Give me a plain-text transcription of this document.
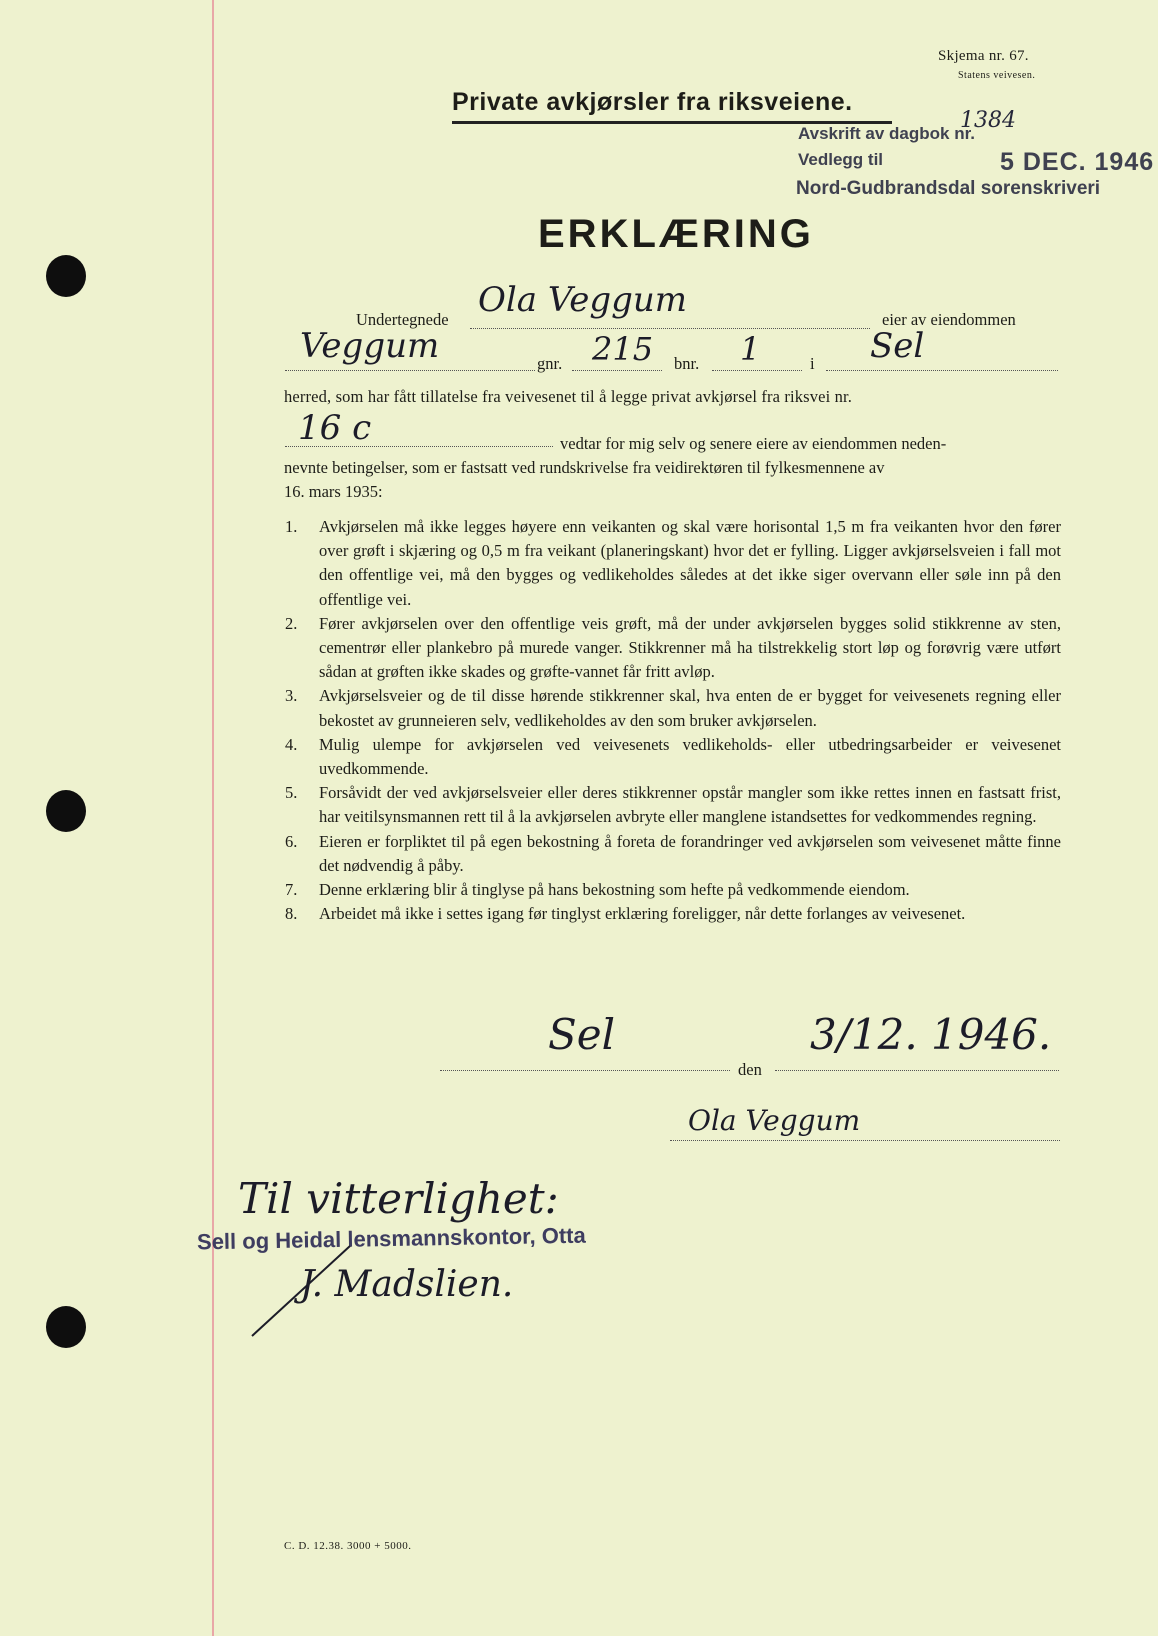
Skjema nr. 67.
Statens veivesen.
Private avkjørsler fra riksveiene.
Avskrift av dagbok nr.
1384
Vedlegg til	5 DEC. 1946
Nord-Gudbrandsdal sorenskriveri
ERKLÆRING
Undertegnede Ola Veggum	eier av eiendommen
Veggum	gnr. 215 bnr. 1	i Sel
herred, som har fått tillatelse fra veivesenet til å legge privat avkjørsel fra riksvei nr.
16 c	vedtar for mig selv og senere eiere av eiendommen neden-
nevnte betingelser, som er fastsatt ved rundskrivelse fra veidirektøren til fylkesmennene av
16. mars 1935:
1.	Avkjørselen må ikke legges høyere enn veikanten og skal være horisontal 1,5 m fra veikanten hvor den fører over grøft i skjæring og 0,5 m fra veikant (planeringskant) hvor det er fylling. Ligger avkjørselsveien i fall mot den offentlige vei, må den bygges og vedlikeholdes således at det ikke siger overvann eller søle inn på den offentlige vei.
2.	Fører avkjørselen over den offentlige veis grøft, må der under avkjørselen bygges solid stikkrenne av sten, cementrør eller plankebro på murede vanger. Stikkrenner må ha tilstrekkelig stort løp og forøvrig være utført sådan at grøften ikke skades og grøfte-vannet får fritt avløp.
3.	Avkjørselsveier og de til disse hørende stikkrenner skal, hva enten de er bygget for veivesenets regning eller bekostet av grunneieren selv, vedlikeholdes av den som bruker avkjørselen.
4.	Mulig ulempe for avkjørselen ved veivesenets vedlikeholds- eller utbedringsarbeider er veivesenet uvedkommende.
5.	Forsåvidt der ved avkjørselsveier eller deres stikkrenner opstår mangler som ikke rettes innen en fastsatt frist, har veitilsynsmannen rett til å la avkjørselen avbryte eller manglene istandsettes for vedkommendes regning.
6.	Eieren er forpliktet til på egen bekostning å foreta de forandringer ved avkjørselen som veivesenet måtte finne det nødvendig å påby.
7.	Denne erklæring blir å tinglyse på hans bekostning som hefte på vedkommende eiendom.
8.	Arbeidet må ikke i settes igang før tinglyst erklæring foreligger, når dette forlanges av veivesenet.
Sel
den
3/12. 1946.
Ola Veggum
Til vitterlighet:
Sell og Heidal lensmannskontor, Otta
J. Madslien.
C. D. 12.38. 3000 + 5000.
